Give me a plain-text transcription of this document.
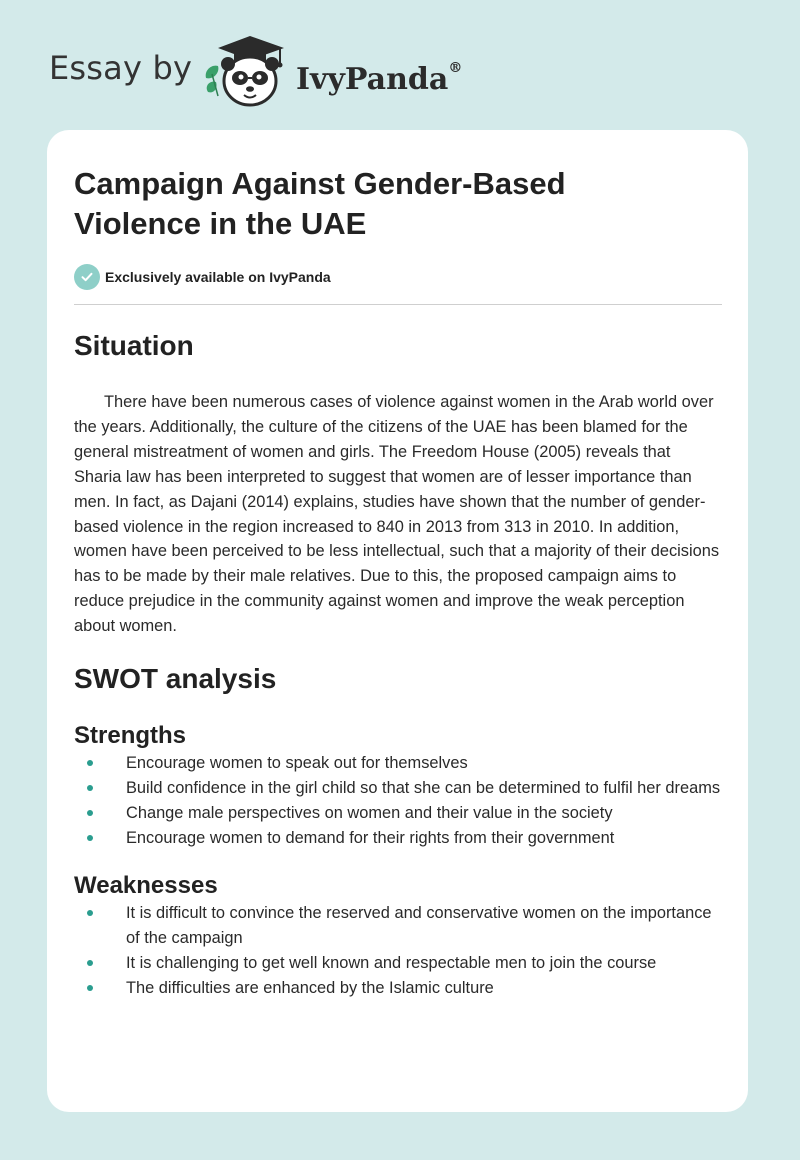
Essay by	IvyPanda®
Campaign Against Gender-Based Violence in the UAE
Exclusively available on IvyPanda
Situation

There have been numerous cases of violence against women in the Arab world over the years. Additionally, the culture of the citizens of the UAE has been blamed for the general mistreatment of women and girls. The Freedom House (2005) reveals that Sharia law has been interpreted to suggest that women are of lesser importance than men. In fact, as Dajani (2014) explains, studies have shown that the number of gender-based violence in the region increased to 840 in 2013 from 313 in 2010. In addition, women have been perceived to be less intellectual, such that a majority of their decisions has to be made by their male relatives. Due to this, the proposed campaign aims to reduce prejudice in the community against women and improve the weak perception about women.

SWOT analysis
Strengths
Encourage women to speak out for themselves
Build confidence in the girl child so that she can be determined to fulfil her dreams
Change male perspectives on women and their value in the society
Encourage women to demand for their rights from their government
Weaknesses
It is difficult to convince the reserved and conservative women on the importance of the campaign
It is challenging to get well known and respectable men to join the course
The difficulties are enhanced by the Islamic culture
